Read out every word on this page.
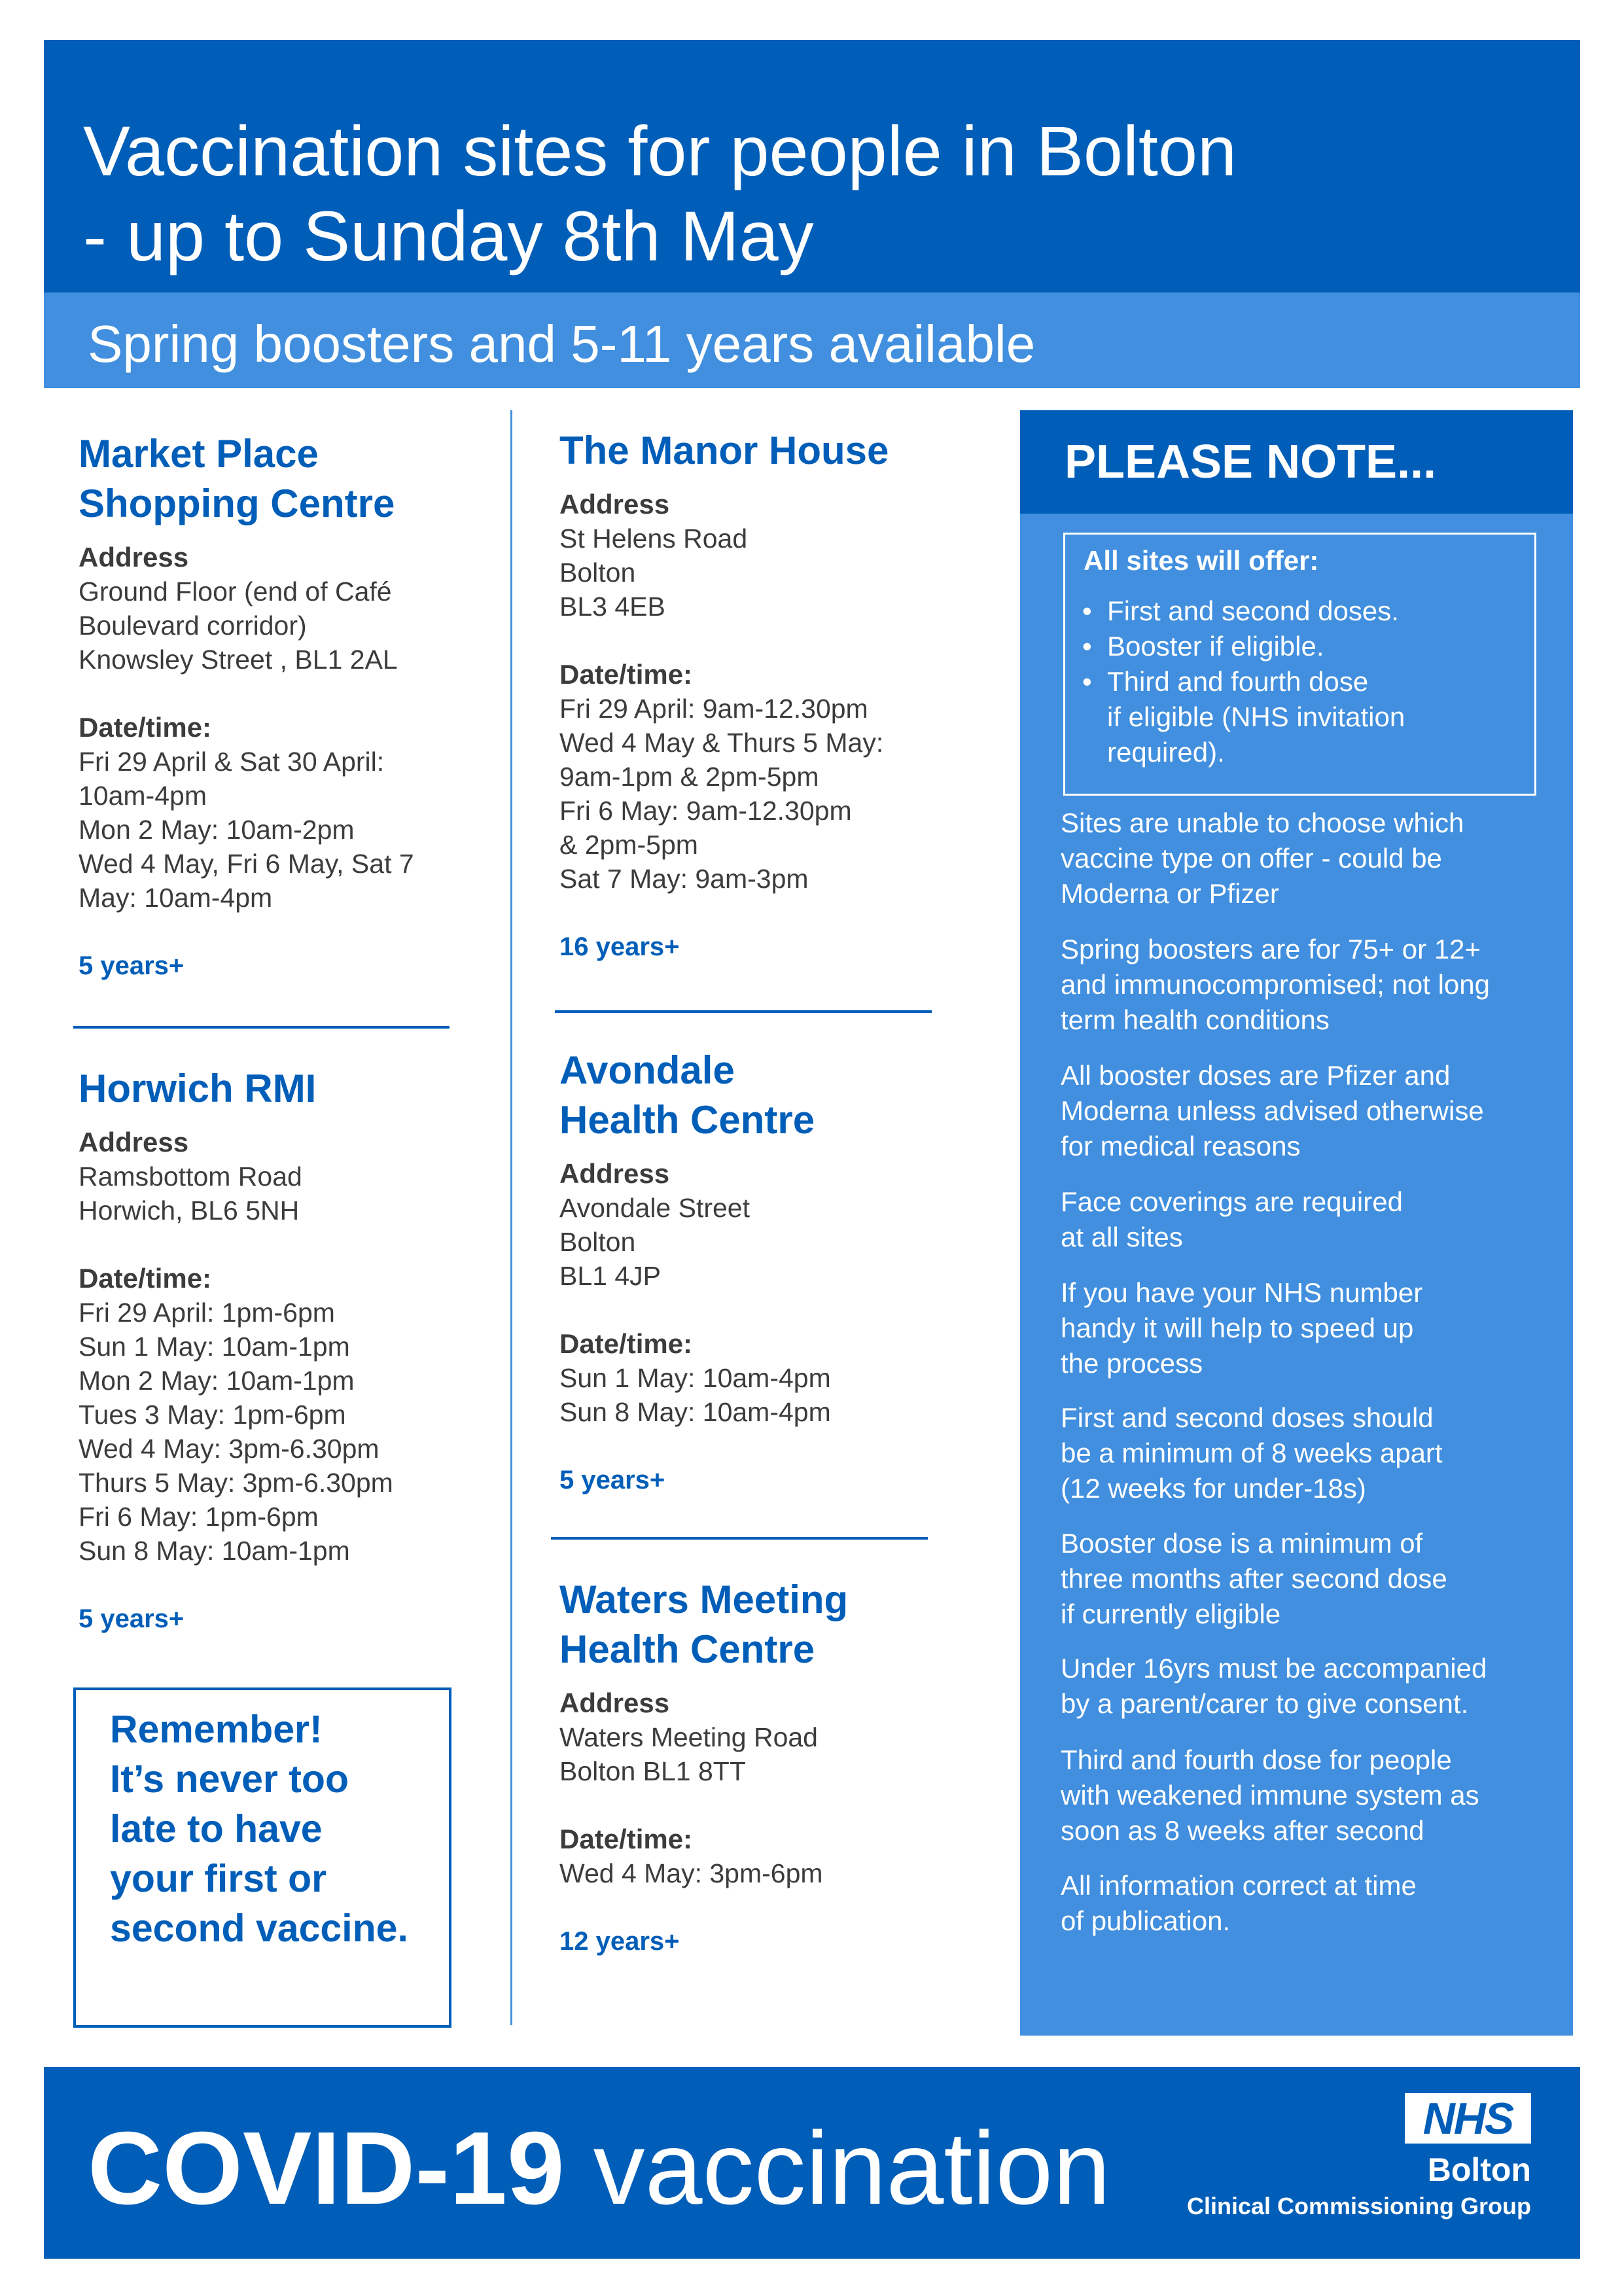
Vaccination sites for people in Bolton
- up to Sunday 8th May
Spring boosters and 5-11 years available
Market Place
Shopping Centre
Address
Ground Floor (end of Café
Boulevard corridor)
Knowsley Street , BL1 2AL
Date/time:
Fri 29 April & Sat 30 April:
10am-4pm
Mon 2 May: 10am-2pm
Wed 4 May, Fri 6 May, Sat 7
May: 10am-4pm
5 years+
Horwich RMI
Address
Ramsbottom Road
Horwich, BL6 5NH
Date/time:
Fri 29 April: 1pm-6pm
Sun 1 May: 10am-1pm
Mon 2 May: 10am-1pm
Tues 3 May: 1pm-6pm
Wed 4 May: 3pm-6.30pm
Thurs 5 May: 3pm-6.30pm
Fri 6 May: 1pm-6pm
Sun 8 May: 10am-1pm
5 years+
Remember!
It’s never too
late to have
your first or
second vaccine.
The Manor House
Address
St Helens Road
Bolton
BL3 4EB
Date/time:
Fri 29 April: 9am-12.30pm
Wed 4 May & Thurs 5 May:
9am-1pm & 2pm-5pm
Fri 6 May: 9am-12.30pm
& 2pm-5pm
Sat 7 May: 9am-3pm
16 years+
Avondale
Health Centre
Address
Avondale Street
Bolton
BL1 4JP
Date/time:
Sun 1 May: 10am-4pm
Sun 8 May: 10am-4pm
5 years+
Waters Meeting
Health Centre
Address
Waters Meeting Road
Bolton BL1 8TT
Date/time:
Wed 4 May: 3pm-6pm
12 years+
PLEASE NOTE...
All sites will offer:
• First and second doses.
• Booster if eligible.
• Third and fourth dose
if eligible (NHS invitation
required).
Sites are unable to choose which
vaccine type on offer - could be
Moderna or Pfizer
Spring boosters are for 75+ or 12+
and immunocompromised; not long
term health conditions
All booster doses are Pfizer and
Moderna unless advised otherwise
for medical reasons
Face coverings are required
at all sites
If you have your NHS number
handy it will help to speed up
the process
First and second doses should
be a minimum of 8 weeks apart
(12 weeks for under-18s)
Booster dose is a minimum of
three months after second dose
if currently eligible
Under 16yrs must be accompanied
by a parent/carer to give consent.
Third and fourth dose for people
with weakened immune system as
soon as 8 weeks after second
All information correct at time
of publication.
COVID-19 vaccination	NHS
Bolton
Clinical Commissioning Group
